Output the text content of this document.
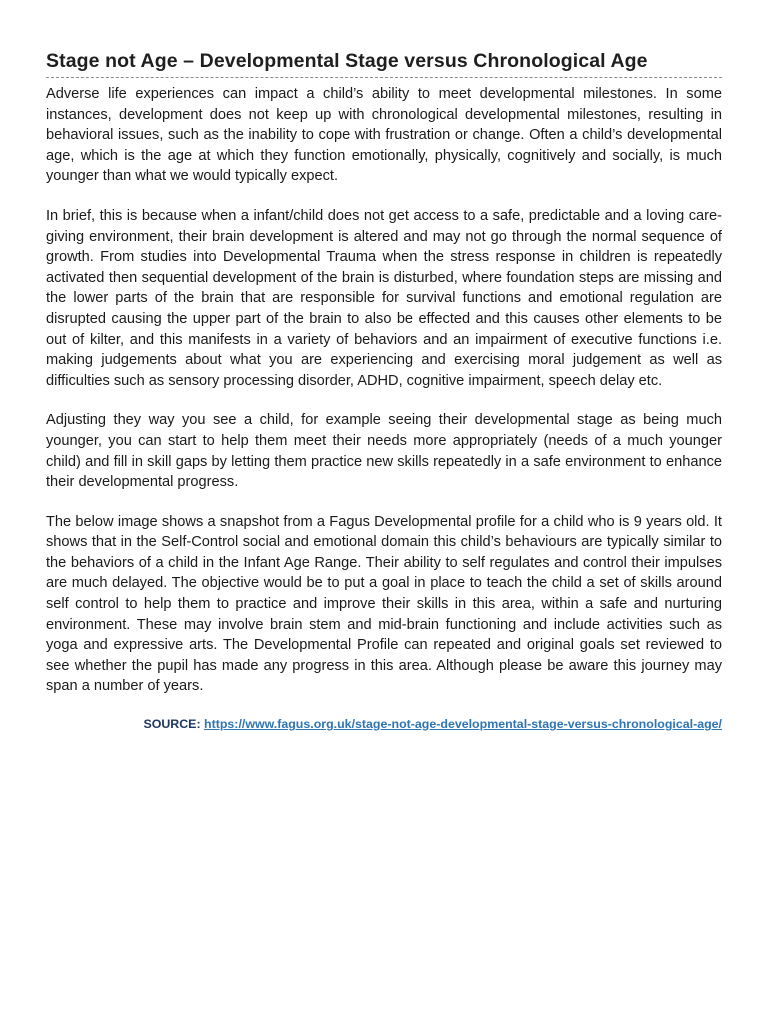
Stage not Age – Developmental Stage versus Chronological Age

Adverse life experiences can impact a child’s ability to meet developmental milestones. In some instances, development does not keep up with chronological developmental milestones, resulting in behavioral issues, such as the inability to cope with frustration or change. Often a child’s developmental age, which is the age at which they function emotionally, physically, cognitively and socially, is much younger than what we would typically expect.

In brief, this is because when a infant/child does not get access to a safe, predictable and a loving care-giving environment, their brain development is altered and may not go through the normal sequence of growth. From studies into Developmental Trauma when the stress response in children is repeatedly activated then sequential development of the brain is disturbed, where foundation steps are missing and the lower parts of the brain that are responsible for survival functions and emotional regulation are disrupted causing the upper part of the brain to also be effected and this causes other elements to be out of kilter, and this manifests in a variety of behaviors and an impairment of executive functions i.e. making judgements about what you are experiencing and exercising moral judgement as well as difficulties such as sensory processing disorder, ADHD, cognitive impairment, speech delay etc.

Adjusting they way you see a child, for example seeing their developmental stage as being much younger, you can start to help them meet their needs more appropriately (needs of a much younger child) and fill in skill gaps by letting them practice new skills repeatedly in a safe environment to enhance their developmental progress.

The below image shows a snapshot from a Fagus Developmental profile for a child who is 9 years old. It shows that in the Self-Control social and emotional domain this child’s behaviours are typically similar to the behaviors of a child in the Infant Age Range. Their ability to self regulates and control their impulses are much delayed. The objective would be to put a goal in place to teach the child a set of skills around self control to help them to practice and improve their skills in this area, within a safe and nurturing environment. These may involve brain stem and mid-brain functioning and include activities such as yoga and expressive arts. The Developmental Profile can repeated and original goals set reviewed to see whether the pupil has made any progress in this area. Although please be aware this journey may span a number of years.

SOURCE: https://www.fagus.org.uk/stage-not-age-developmental-stage-versus-chronological-age/
